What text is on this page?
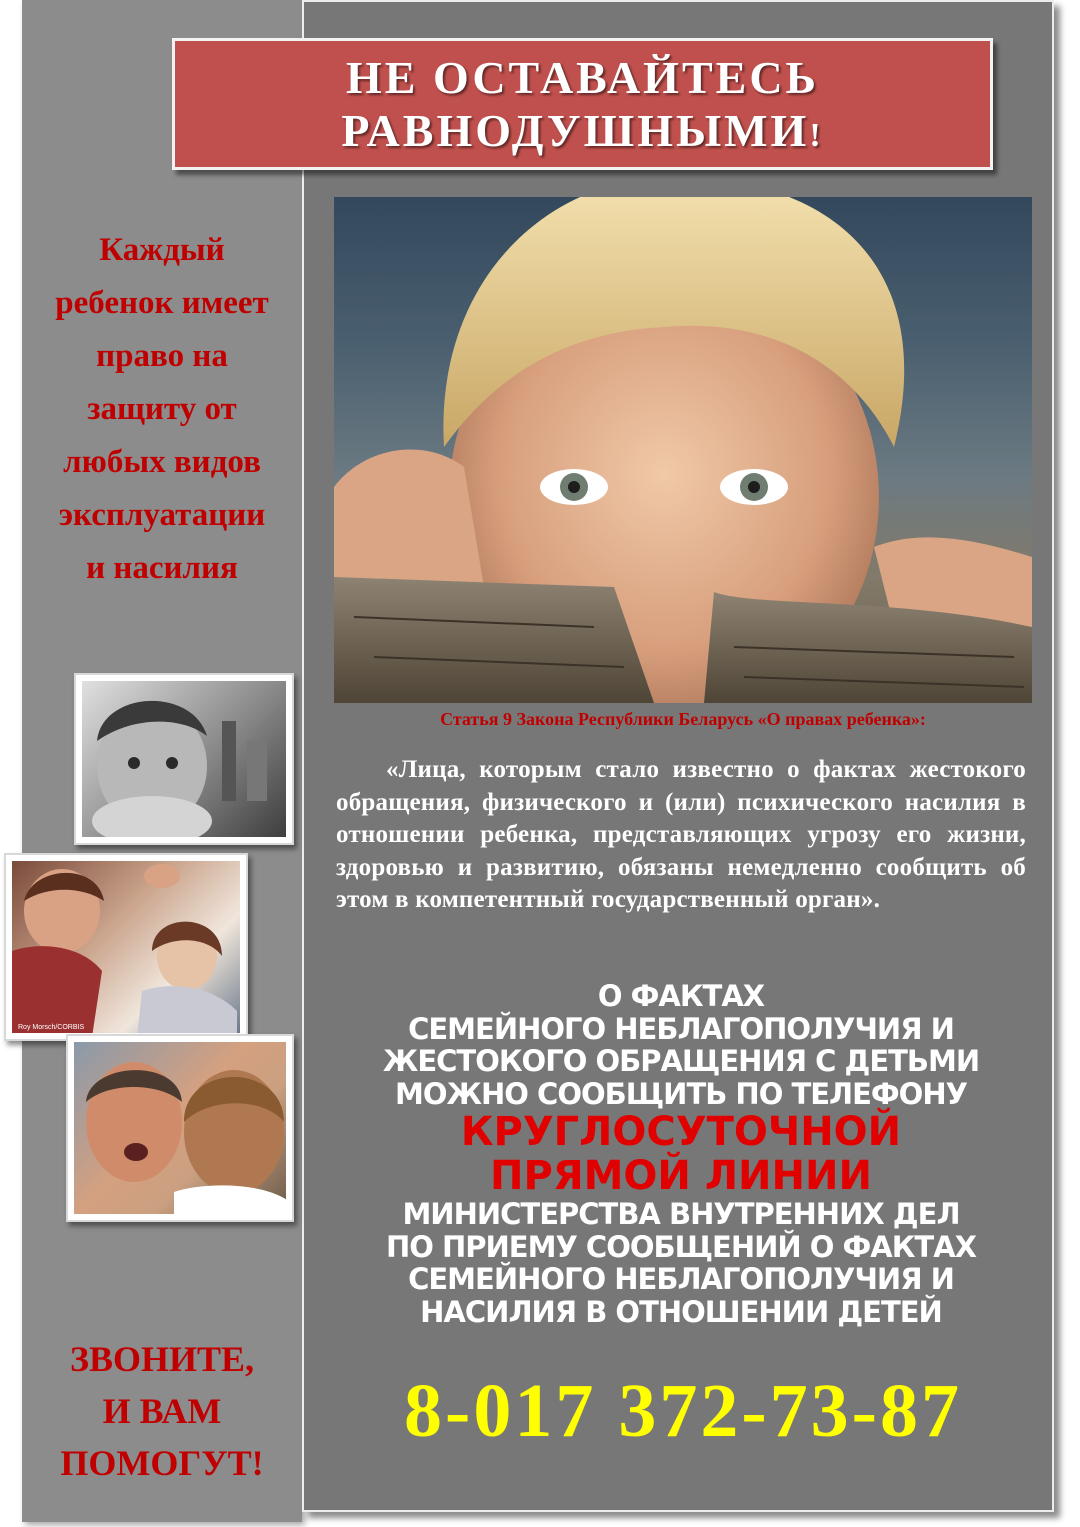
НЕ ОСТАВАЙТЕСЬ
РАВНОДУШНЫМИ!
Каждый
ребенок имеет
право на
защиту от
любых видов
эксплуатации
и насилия
Roy Morsch/CORBIS
ЗВОНИТЕ,
И ВАМ
ПОМОГУТ!
Статья 9 Закона Республики Беларусь «О правах ребенка»:
«Лица, которым стало известно о фактах жестокого обращения, физического и (или) психического насилия в отношении ребенка, представляющих угрозу его жизни, здоровью и развитию, обязаны немедленно сообщить об этом в компетентный государственный орган».
О ФАКТАХ
СЕМЕЙНОГО НЕБЛАГОПОЛУЧИЯ И
ЖЕСТОКОГО ОБРАЩЕНИЯ С ДЕТЬМИ
МОЖНО СООБЩИТЬ ПО ТЕЛЕФОНУ
КРУГЛОСУТОЧНОЙ
ПРЯМОЙ ЛИНИИ
МИНИСТЕРСТВА ВНУТРЕННИХ ДЕЛ
ПО ПРИЕМУ СООБЩЕНИЙ О ФАКТАХ
СЕМЕЙНОГО НЕБЛАГОПОЛУЧИЯ И
НАСИЛИЯ В ОТНОШЕНИИ ДЕТЕЙ
8-017 372-73-87
